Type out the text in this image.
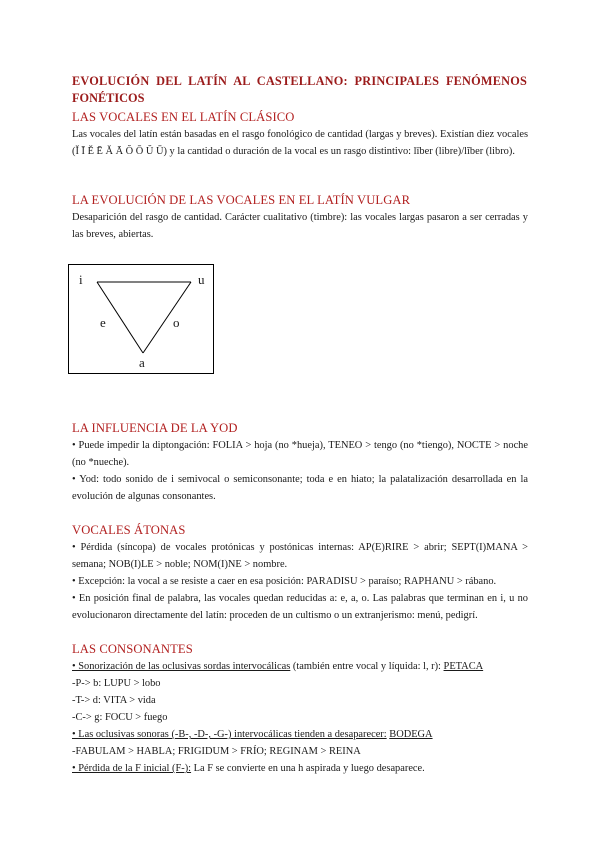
EVOLUCIÓN DEL LATÍN AL CASTELLANO: PRINCIPALES FENÓMENOS
FONÉTICOS
LAS VOCALES EN EL LATÍN CLÁSICO
Las vocales del latín están basadas en el rasgo fonológico de cantidad (largas y breves). Existían diez vocales (Ĭ Ī Ĕ Ē Ă Ā Ŏ Ō Ŭ Ū) y la cantidad o duración de la vocal es un rasgo distintivo: līber (libre)/lĭber (libro).
LA EVOLUCIÓN DE LAS VOCALES EN EL LATÍN VULGAR
Desaparición del rasgo de cantidad. Carácter cualitativo (timbre): las vocales largas pasaron a ser cerradas y las breves, abiertas.
i	u
e	o
a
LA INFLUENCIA DE LA YOD
• Puede impedir la diptongación: FOLIA > hoja (no *hueja), TENEO > tengo (no *tiengo), NOCTE > noche (no *nueche).
• Yod: todo sonido de i semivocal o semiconsonante; toda e en hiato; la palatalización desarrollada en la evolución de algunas consonantes.
VOCALES ÁTONAS
• Pérdida (síncopa) de vocales protónicas y postónicas internas: AP(E)RIRE > abrir; SEPT(I)MANA > semana; NOB(I)LE > noble; NOM(I)NE > nombre.
• Excepción: la vocal a se resiste a caer en esa posición: PARADISU > paraíso; RAPHANU > rábano.
• En posición final de palabra, las vocales quedan reducidas a: e, a, o. Las palabras que terminan en i, u no evolucionaron directamente del latín: proceden de un cultismo o un extranjerismo: menú, pedigrí.
LAS CONSONANTES
• Sonorización de las oclusivas sordas intervocálicas (también entre vocal y líquida: l, r): PETACA
-P-> b: LUPU > lobo
-T-> d: VITA > vida
-C-> g: FOCU > fuego
• Las oclusivas sonoras (-B-, -D-, -G-) intervocálicas tienden a desaparecer: BODEGA
-FABULAM > HABLA; FRIGIDUM > FRÍO; REGINAM > REINA
• Pérdida de la F inicial (F-): La F se convierte en una h aspirada y luego desaparece.
